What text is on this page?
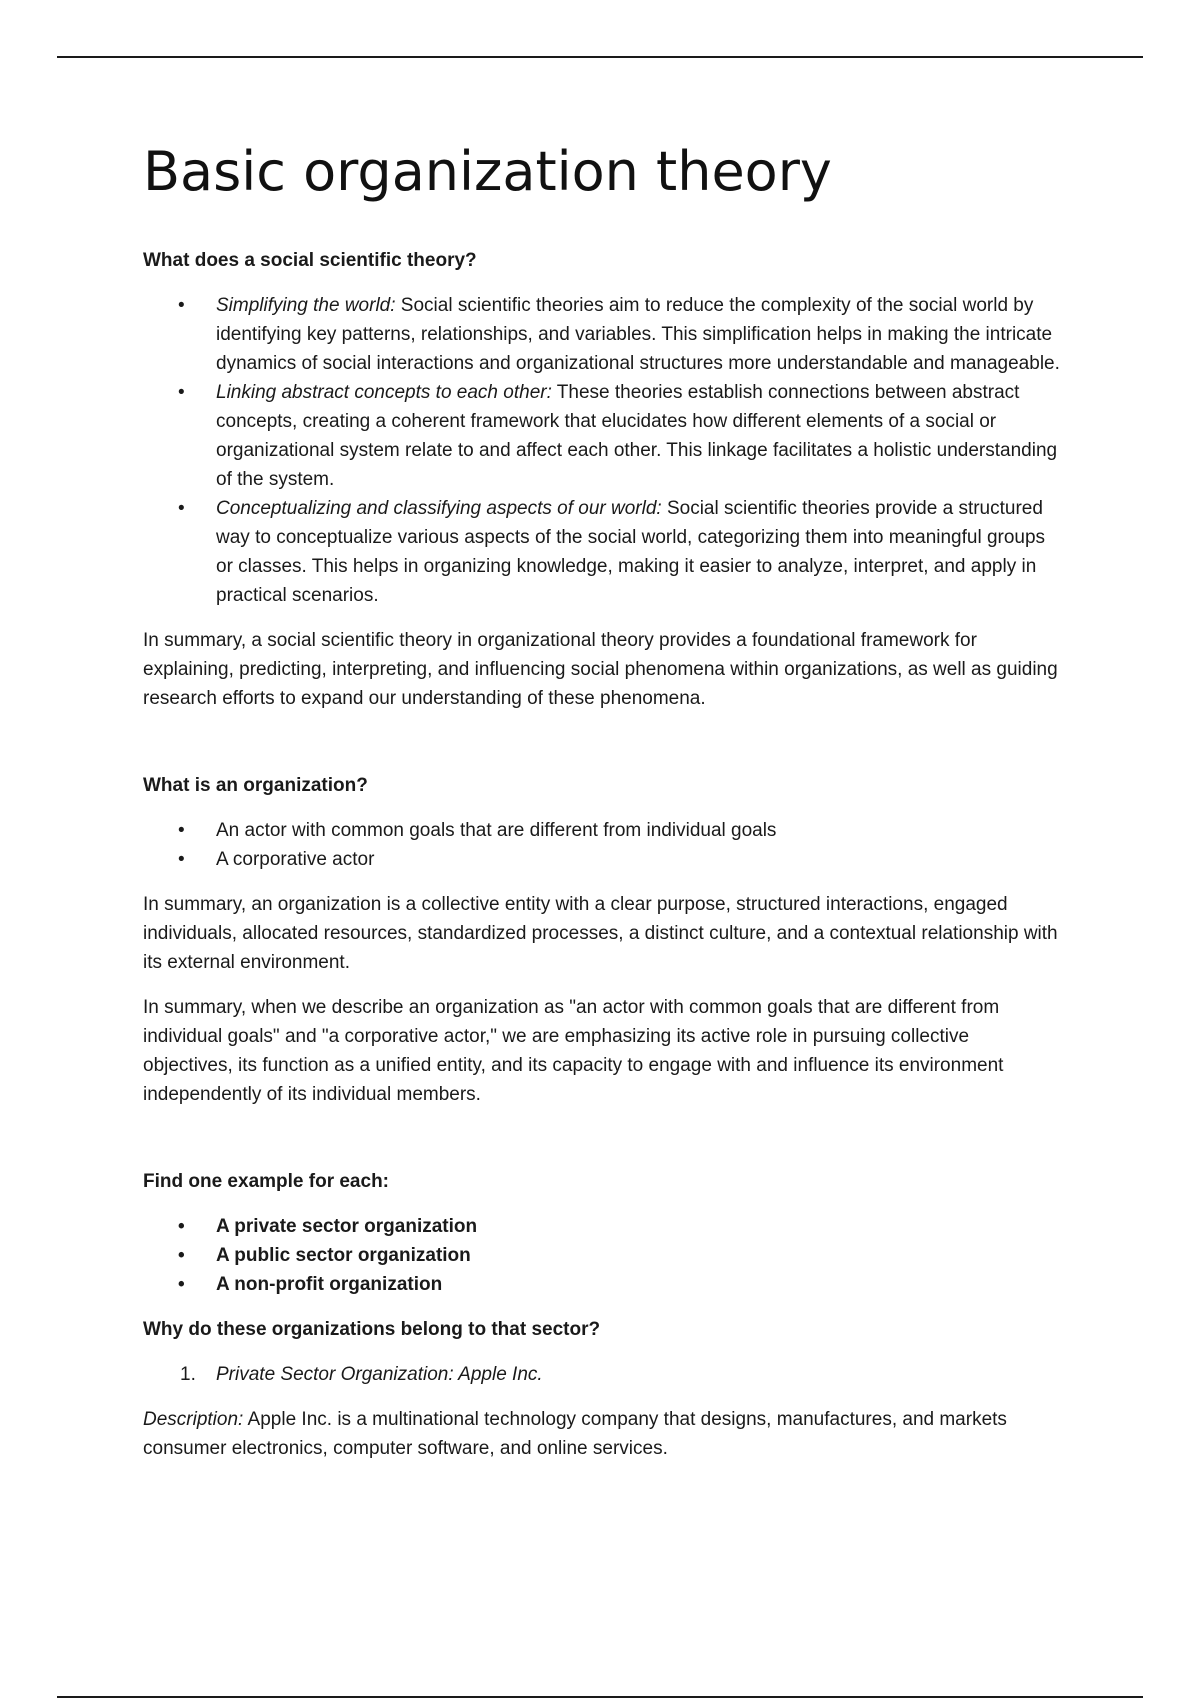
Basic organization theory
What does a social scientific theory?
• Simplifying the world: Social scientific theories aim to reduce the complexity of the social world by identifying key patterns, relationships, and variables. This simplification helps in making the intricate dynamics of social interactions and organizational structures more understandable and manageable.
• Linking abstract concepts to each other: These theories establish connections between abstract concepts, creating a coherent framework that elucidates how different elements of a social or organizational system relate to and affect each other. This linkage facilitates a holistic understanding of the system.
• Conceptualizing and classifying aspects of our world: Social scientific theories provide a structured way to conceptualize various aspects of the social world, categorizing them into meaningful groups or classes. This helps in organizing knowledge, making it easier to analyze, interpret, and apply in practical scenarios.

In summary, a social scientific theory in organizational theory provides a foundational framework for explaining, predicting, interpreting, and influencing social phenomena within organizations, as well as guiding research efforts to expand our understanding of these phenomena.

What is an organization?
• An actor with common goals that are different from individual goals
• A corporative actor

In summary, an organization is a collective entity with a clear purpose, structured interactions, engaged individuals, allocated resources, standardized processes, a distinct culture, and a contextual relationship with its external environment.

In summary, when we describe an organization as "an actor with common goals that are different from individual goals" and "a corporative actor," we are emphasizing its active role in pursuing collective objectives, its function as a unified entity, and its capacity to engage with and influence its environment independently of its individual members.

Find one example for each:
• A private sector organization
• A public sector organization
• A non-profit organization
Why do these organizations belong to that sector?
1. Private Sector Organization: Apple Inc.

Description: Apple Inc. is a multinational technology company that designs, manufactures, and markets consumer electronics, computer software, and online services.
